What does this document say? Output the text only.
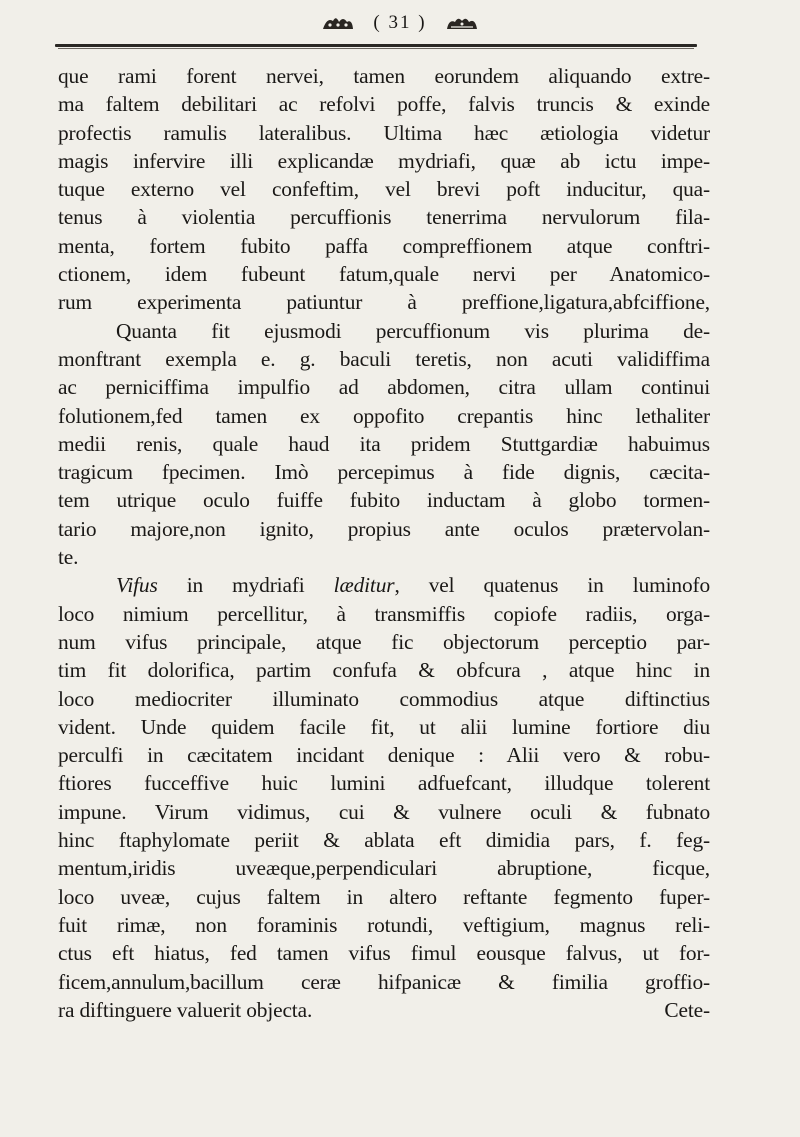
( 31 )
que rami forent nervei, tamen eorundem aliquando extre-
ma faltem debilitari ac refolvi poffe, falvis truncis & exinde
profectis ramulis lateralibus. Ultima hæc ætiologia videtur
magis infervire illi explicandæ mydriafi, quæ ab ictu impe-
tuque externo vel confeftim, vel brevi poft inducitur, qua-
tenus à violentia percuffionis tenerrima nervulorum fila-
menta, fortem fubito paffa compreffionem atque conftri-
ctionem, idem fubeunt fatum,quale nervi per Anatomico-
rum experimenta patiuntur à preffione,ligatura,abfciffione,
Quanta fit ejusmodi percuffionum vis plurima de-
monftrant exempla e. g. baculi teretis, non acuti validiffima
ac perniciffima impulfio ad abdomen, citra ullam continui
folutionem,fed tamen ex oppofito crepantis hinc lethaliter
medii renis, quale haud ita pridem Stuttgardiæ habuimus
tragicum fpecimen. Imò percepimus à fide dignis, cæcita-
tem utrique oculo fuiffe fubito inductam à globo tormen-
tario majore,non ignito, propius ante oculos prætervolan-
te.
Vifus in mydriafi læditur, vel quatenus in luminofo
loco nimium percellitur, à transmiffis copiofe radiis, orga-
num vifus principale, atque fic objectorum perceptio par-
tim fit dolorifica, partim confufa & obfcura , atque hinc in
loco mediocriter illuminato commodius atque diftinctius
vident. Unde quidem facile fit, ut alii lumine fortiore diu
perculfi in cæcitatem incidant denique : Alii vero & robu-
ftiores fucceffive huic lumini adfuefcant, illudque tolerent
impune. Virum vidimus, cui & vulnere oculi & fubnato
hinc ftaphylomate periit & ablata eft dimidia pars, f. feg-
mentum,iridis uveæque,perpendiculari abruptione, ficque,
loco uveæ, cujus faltem in altero reftante fegmento fuper-
fuit rimæ, non foraminis rotundi, veftigium, magnus reli-
ctus eft hiatus, fed tamen vifus fimul eousque falvus, ut for-
ficem,annulum,bacillum ceræ hifpanicæ & fimilia groffio-
ra diftinguere valuerit objecta.	Cete-
